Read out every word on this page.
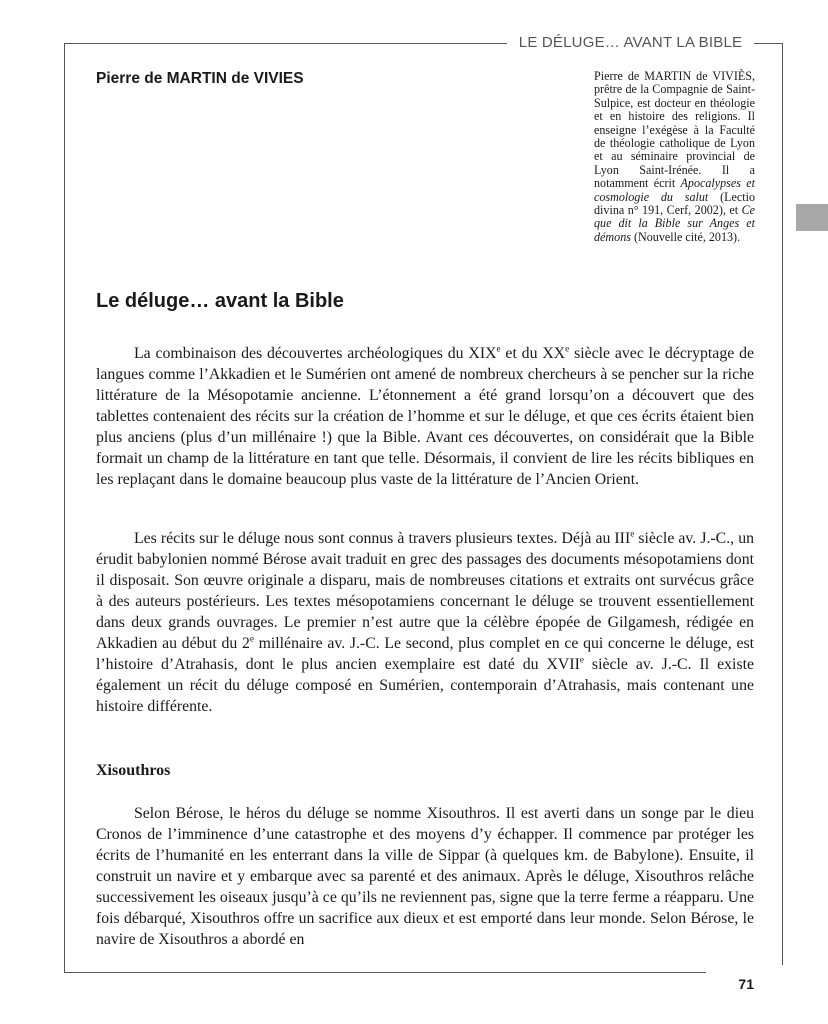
LE DÉLUGE… AVANT LA BIBLE
71
Pierre de MARTIN de VIVIES	Pierre de MARTIN de VIVIÈS, prêtre de la Compagnie de Saint-Sulpice, est docteur en théologie et en histoire des religions. Il enseigne l’exégèse à la Faculté de théologie catholique de Lyon et au séminaire provincial de Lyon Saint-Irénée. Il a notamment écrit Apocalypses et cosmologie du salut (Lectio divina n° 191, Cerf, 2002), et Ce que dit la Bible sur Anges et démons (Nouvelle cité, 2013).
Le déluge… avant la Bible

La combinaison des découvertes archéologiques du XIXe et du XXe siècle avec le décryptage de langues comme l’Akkadien et le Sumérien ont amené de nombreux chercheurs à se pencher sur la riche littérature de la Mésopotamie ancienne. L’étonnement a été grand lorsqu’on a découvert que des tablettes contenaient des récits sur la création de l’homme et sur le déluge, et que ces écrits étaient bien plus anciens (plus d’un millénaire !) que la Bible. Avant ces découvertes, on considérait que la Bible formait un champ de la littérature en tant que telle. Désormais, il convient de lire les récits bibliques en les replaçant dans le domaine beaucoup plus vaste de la littérature de l’Ancien Orient.

Les récits sur le déluge nous sont connus à travers plusieurs textes. Déjà au IIIe siècle av. J.-C., un érudit babylonien nommé Bérose avait traduit en grec des passages des documents mésopotamiens dont il disposait. Son œuvre originale a disparu, mais de nombreuses citations et extraits ont survécus grâce à des auteurs postérieurs. Les textes mésopotamiens concernant le déluge se trouvent essentiellement dans deux grands ouvrages. Le premier n’est autre que la célèbre épopée de Gilgamesh, rédigée en Akkadien au début du 2e millénaire av. J.-C. Le second, plus complet en ce qui concerne le déluge, est l’histoire d’Atrahasis, dont le plus ancien exemplaire est daté du XVIIe siècle av. J.-C. Il existe également un récit du déluge composé en Sumérien, contemporain d’Atrahasis, mais contenant une histoire différente.

Xisouthros

Selon Bérose, le héros du déluge se nomme Xisouthros. Il est averti dans un songe par le dieu Cronos de l’imminence d’une catastrophe et des moyens d’y échapper. Il commence par protéger les écrits de l’humanité en les enterrant dans la ville de Sippar (à quelques km. de Babylone). Ensuite, il construit un navire et y embarque avec sa parenté et des animaux. Après le déluge, Xisouthros relâche successivement les oiseaux jusqu’à ce qu’ils ne reviennent pas, signe que la terre ferme a réapparu. Une fois débarqué, Xisouthros offre un sacrifice aux dieux et est emporté dans leur monde. Selon Bérose, le navire de Xisouthros a abordé en
